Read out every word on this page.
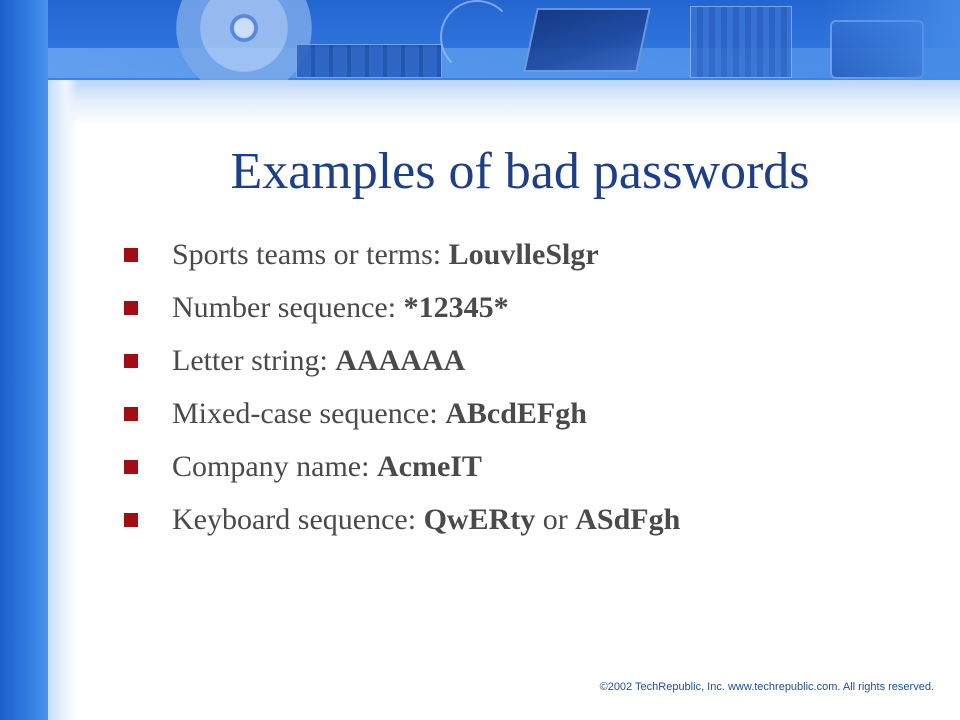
Examples of bad passwords
Sports teams or terms: LouvlleSlgr
Number sequence: *12345*
Letter string: AAAAAA
Mixed-case sequence: ABcdEFgh
Company name: AcmeIT
Keyboard sequence: QwERty or ASdFgh
©2002 TechRepublic, Inc. www.techrepublic.com. All rights reserved.
